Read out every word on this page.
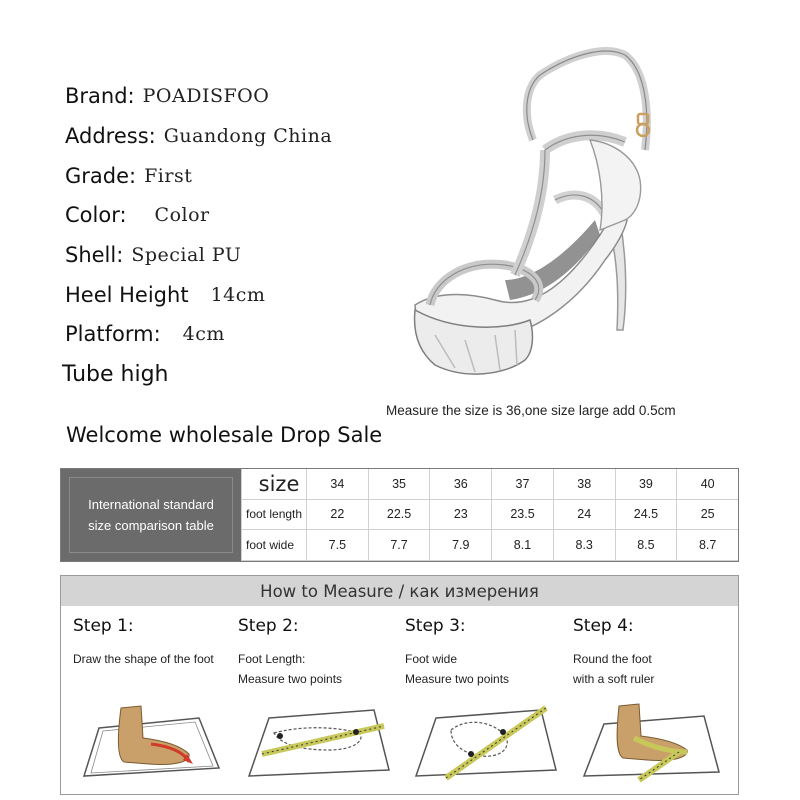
Brand: POADISFOO
Address: Guandong China
Grade: First
Color: Color
Shell: Special PU
Heel Height 14cm
Platform: 4cm
Tube high
Measure the size is 36,one size large add 0.5cm
Welcome wholesale Drop Sale
International standard
size comparison table
size	34	35	36	37	38	39	40
foot length	22	22.5	23	23.5	24	24.5	25
foot wide	7.5	7.7	7.9	8.1	8.3	8.5	8.7
How to Measure / как измерения
Step 1:
Draw the shape of the foot
Step 2:
Foot Length:
Measure two points
Step 3:
Foot wide
Measure two points
Step 4:
Round the foot
with a soft ruler
